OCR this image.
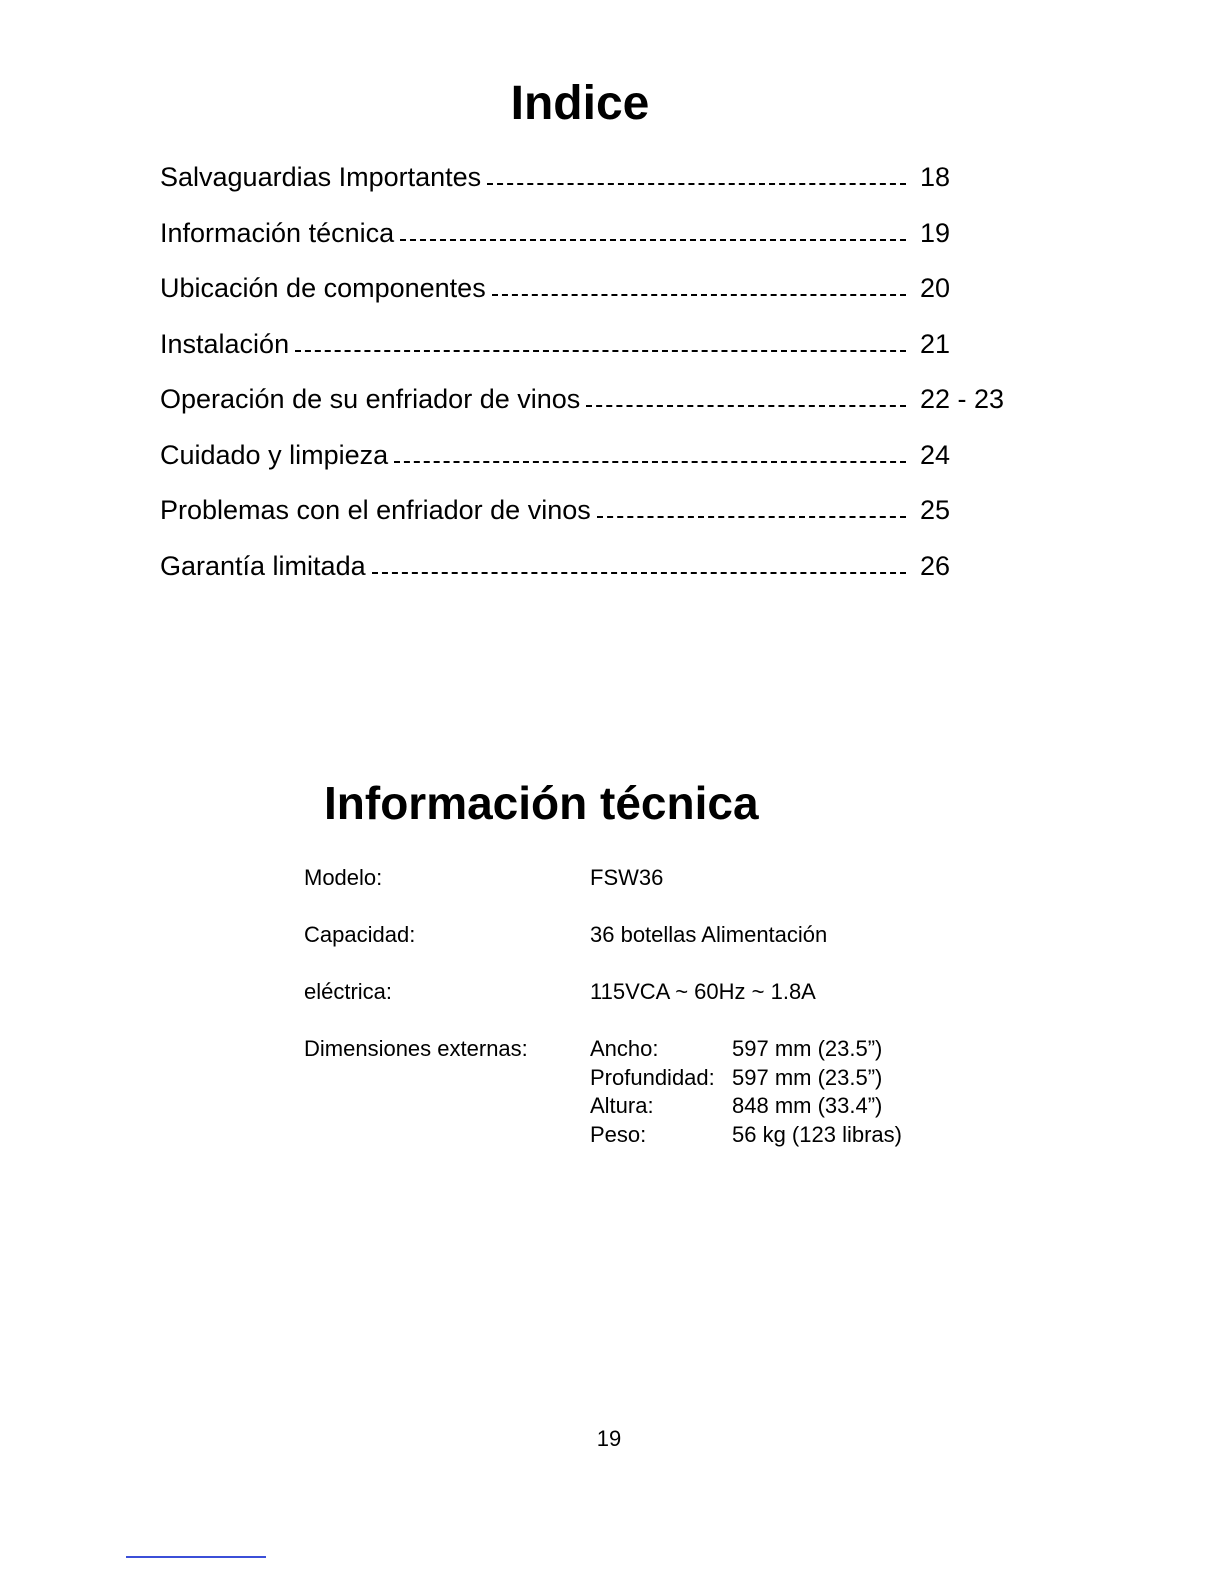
Indice
Salvaguardias Importantes	18
Información técnica	19
Ubicación de componentes	20
Instalación	21
Operación de su enfriador de vinos	22 - 23
Cuidado y limpieza	24
Problemas con el enfriador de vinos	25
Garantía limitada	26
Información técnica
Modelo:	FSW36
Capacidad:	36 botellas Alimentación
eléctrica:	115VCA ~ 60Hz ~ 1.8A
Dimensiones externas:	Ancho:	597 mm (23.5”)
Profundidad: 597 mm (23.5”)
Altura:	848 mm (33.4”)
Peso:	56 kg (123 libras)
19
